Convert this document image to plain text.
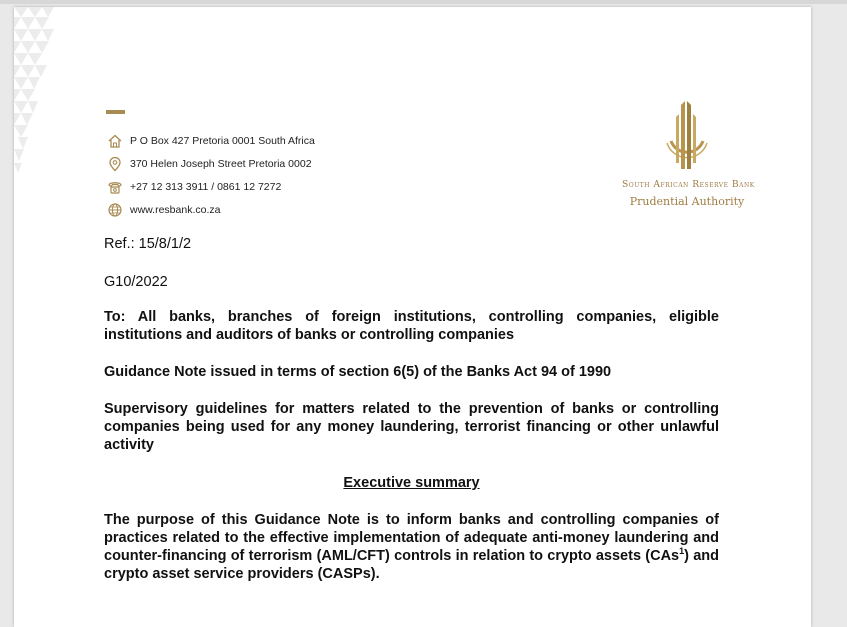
P O Box 427 Pretoria 0001 South Africa
370 Helen Joseph Street Pretoria 0002
+27 12 313 3911 / 0861 12 7272
www.resbank.co.za
South African Reserve Bank
Prudential Authority
Ref.: 15/8/1/2
G10/2022
To: All banks, branches of foreign institutions, controlling companies, eligible institutions and auditors of banks or controlling companies
Guidance Note issued in terms of section 6(5) of the Banks Act 94 of 1990
Supervisory guidelines for matters related to the prevention of banks or controlling companies being used for any money laundering, terrorist financing or other unlawful activity
Executive summary
The purpose of this Guidance Note is to inform banks and controlling companies of practices related to the effective implementation of adequate anti-money laundering and counter-financing of terrorism (AML/CFT) controls in relation to crypto assets (CAs$^1$) and crypto asset service providers (CASPs).
